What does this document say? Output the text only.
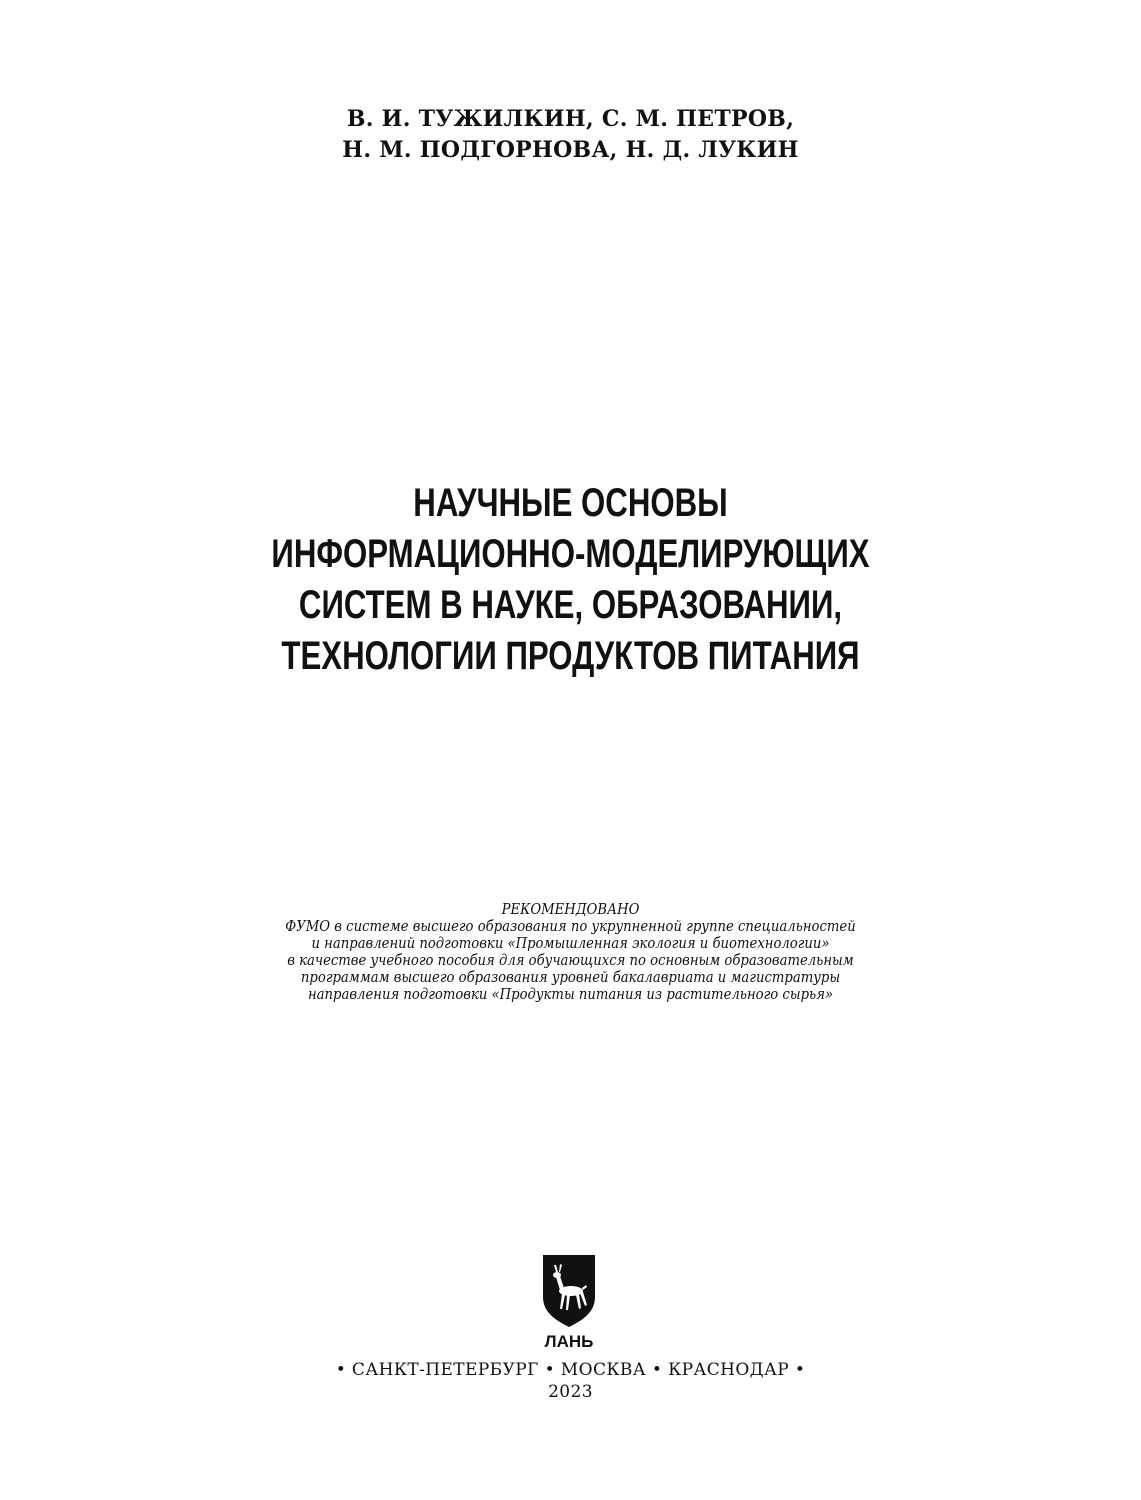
В. И. ТУЖИЛКИН, С. М. ПЕТРОВ,
Н. М. ПОДГОРНОВА, Н. Д. ЛУКИН
НАУЧНЫЕ ОСНОВЫ
ИНФОРМАЦИОННО-МОДЕЛИРУЮЩИХ
СИСТЕМ В НАУКЕ, ОБРАЗОВАНИИ,
ТЕХНОЛОГИИ ПРОДУКТОВ ПИТАНИЯ
РЕКОМЕНДОВАНО
ФУМО в системе высшего образования по укрупненной группе специальностей
и направлений подготовки «Промышленная экология и биотехнологии»
в качестве учебного пособия для обучающихся по основным образовательным
программам высшего образования уровней бакалавриата и магистратуры
направления подготовки «Продукты питания из растительного сырья»
ЛАНЬ
• САНКТ-ПЕТЕРБУРГ • МОСКВА • КРАСНОДАР •
2023
